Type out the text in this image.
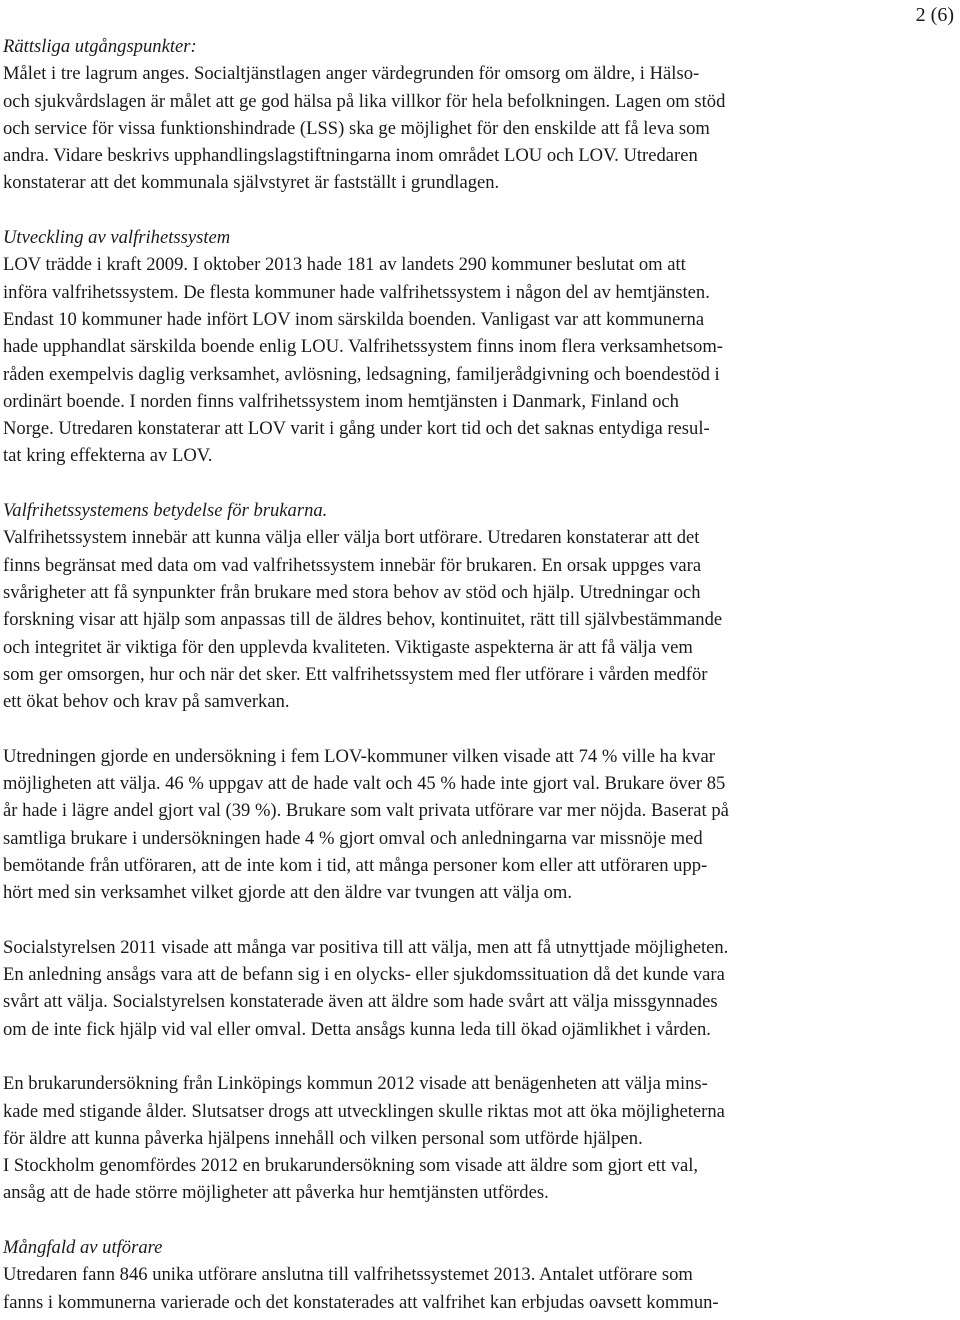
2 (6)
Rättsliga utgångspunkter:
Målet i tre lagrum anges. Socialtjänstlagen anger värdegrunden för omsorg om äldre, i Hälso-
och sjukvårdslagen är målet att ge god hälsa på lika villkor för hela befolkningen. Lagen om stöd
och service för vissa funktionshindrade (LSS) ska ge möjlighet för den enskilde att få leva som
andra. Vidare beskrivs upphandlingslagstiftningarna inom området LOU och LOV. Utredaren
konstaterar att det kommunala självstyret är fastställt i grundlagen.
Utveckling av valfrihetssystem
LOV trädde i kraft 2009. I oktober 2013 hade 181 av landets 290 kommuner beslutat om att
införa valfrihetssystem. De flesta kommuner hade valfrihetssystem i någon del av hemtjänsten.
Endast 10 kommuner hade infört LOV inom särskilda boenden. Vanligast var att kommunerna
hade upphandlat särskilda boende enlig LOU. Valfrihetssystem finns inom flera verksamhetsom-
råden exempelvis daglig verksamhet, avlösning, ledsagning, familjerådgivning och boendestöd i
ordinärt boende. I norden finns valfrihetssystem inom hemtjänsten i Danmark, Finland och
Norge. Utredaren konstaterar att LOV varit i gång under kort tid och det saknas entydiga resul-
tat kring effekterna av LOV.
Valfrihetssystemens betydelse för brukarna.
Valfrihetssystem innebär att kunna välja eller välja bort utförare. Utredaren konstaterar att det
finns begränsat med data om vad valfrihetssystem innebär för brukaren. En orsak uppges vara
svårigheter att få synpunkter från brukare med stora behov av stöd och hjälp. Utredningar och
forskning visar att hjälp som anpassas till de äldres behov, kontinuitet, rätt till självbestämmande
och integritet är viktiga för den upplevda kvaliteten. Viktigaste aspekterna är att få välja vem
som ger omsorgen, hur och när det sker. Ett valfrihetssystem med fler utförare i vården medför
ett ökat behov och krav på samverkan.
Utredningen gjorde en undersökning i fem LOV-kommuner vilken visade att 74 % ville ha kvar
möjligheten att välja. 46 % uppgav att de hade valt och 45 % hade inte gjort val. Brukare över 85
år hade i lägre andel gjort val (39 %). Brukare som valt privata utförare var mer nöjda. Baserat på
samtliga brukare i undersökningen hade 4 % gjort omval och anledningarna var missnöje med
bemötande från utföraren, att de inte kom i tid, att många personer kom eller att utföraren upp-
hört med sin verksamhet vilket gjorde att den äldre var tvungen att välja om.
Socialstyrelsen 2011 visade att många var positiva till att välja, men att få utnyttjade möjligheten.
En anledning ansågs vara att de befann sig i en olycks- eller sjukdomssituation då det kunde vara
svårt att välja. Socialstyrelsen konstaterade även att äldre som hade svårt att välja missgynnades
om de inte fick hjälp vid val eller omval. Detta ansågs kunna leda till ökad ojämlikhet i vården.
En brukarundersökning från Linköpings kommun 2012 visade att benägenheten att välja mins-
kade med stigande ålder. Slutsatser drogs att utvecklingen skulle riktas mot att öka möjligheterna
för äldre att kunna påverka hjälpens innehåll och vilken personal som utförde hjälpen.
I Stockholm genomfördes 2012 en brukarundersökning som visade att äldre som gjort ett val,
ansåg att de hade större möjligheter att påverka hur hemtjänsten utfördes.
Mångfald av utförare
Utredaren fann 846 unika utförare anslutna till valfrihetssystemet 2013. Antalet utförare som
fanns i kommunerna varierade och det konstaterades att valfrihet kan erbjudas oavsett kommun-
